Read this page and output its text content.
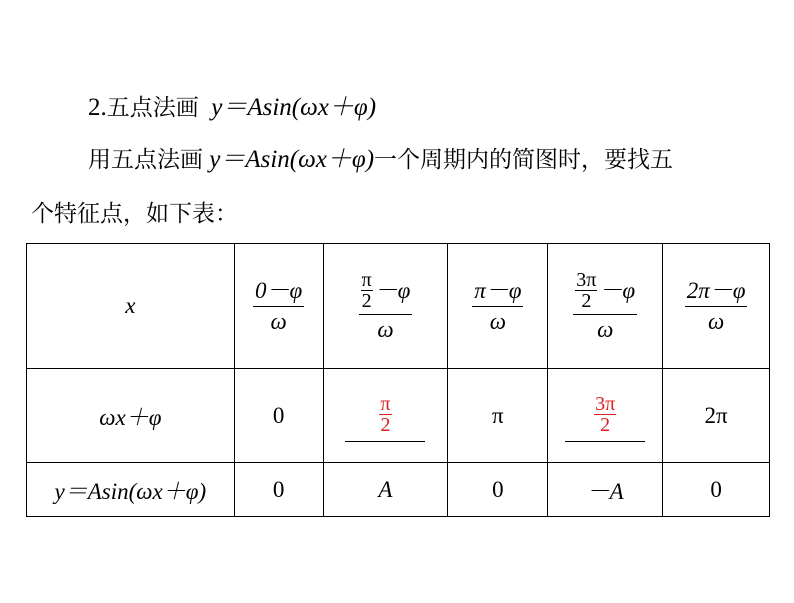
2.五点法画 y＝Asin(ωx＋φ)
用五点法画 y＝Asin(ωx＋φ)一个周期内的简图时，要找五
个特征点，如下表：
x	$\frac{0-\varphi}{\omega}$	$\frac{\frac{\pi}{2} -\varphi}{\omega}$	$\frac{\pi-\varphi}{\omega}$	$\frac{\frac{3\pi}{2} -\varphi}{\omega}$	$\frac{2\pi-\varphi}{\omega}$

ωx＋φ	0	$\frac{\pi}{2}$	π	$\frac{3\pi}{2}$	2π
y＝Asin(ωx＋φ)	0	A	0	－A	0
